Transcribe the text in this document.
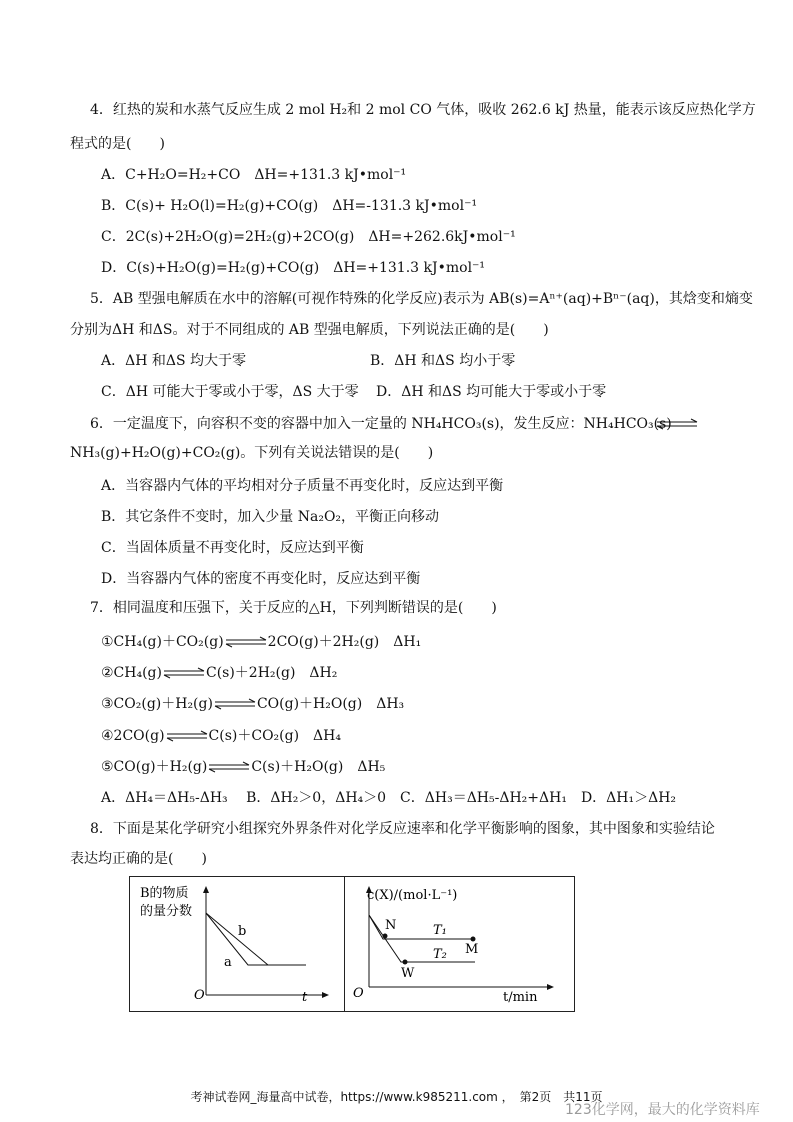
4．红热的炭和水蒸气反应生成 2 mol H₂和 2 mol CO 气体，吸收 262.6 kJ 热量，能表示该反应热化学方
程式的是(　　)
A．C+H₂O=H₂+CO　ΔH=+131.3 kJ•mol⁻¹
B．C(s)+ H₂O(l)=H₂(g)+CO(g)　ΔH=-131.3 kJ•mol⁻¹
C．2C(s)+2H₂O(g)=2H₂(g)+2CO(g)　ΔH=+262.6kJ•mol⁻¹
D．C(s)+H₂O(g)=H₂(g)+CO(g)　ΔH=+131.3 kJ•mol⁻¹
5．AB 型强电解质在水中的溶解(可视作特殊的化学反应)表示为 AB(s)=Aⁿ⁺(aq)+Bⁿ⁻(aq)，其焓变和熵变
分别为ΔH 和ΔS。对于不同组成的 AB 型强电解质，下列说法正确的是(　　)
A．ΔH 和ΔS 均大于零	B．ΔH 和ΔS 均小于零
C．ΔH 可能大于零或小于零，ΔS 大于零 D．ΔH 和ΔS 均可能大于零或小于零
6．一定温度下，向容积不变的容器中加入一定量的 NH₄HCO₃(s)，发生反应：NH₄HCO₃(s)
NH₃(g)+H₂O(g)+CO₂(g)。下列有关说法错误的是(　　)
A．当容器内气体的平均相对分子质量不再变化时，反应达到平衡
B．其它条件不变时，加入少量 Na₂O₂，平衡正向移动
C．当固体质量不再变化时，反应达到平衡
D．当容器内气体的密度不再变化时，反应达到平衡
7．相同温度和压强下，关于反应的△H，下列判断错误的是(　　)
①CH₄(g)＋CO₂(g)⇌2CO(g)＋2H₂(g)　ΔH₁
②CH₄(g)⇌C(s)＋2H₂(g)　ΔH₂
③CO₂(g)＋H₂(g)⇌CO(g)＋H₂O(g)　ΔH₃
④2CO(g)⇌C(s)＋CO₂(g)　ΔH₄
⑤CO(g)＋H₂(g)⇌C(s)＋H₂O(g)　ΔH₅
A．ΔH₄＝ΔH₅-ΔH₃　 B．ΔH₂＞0，ΔH₄＞0　C．ΔH₃＝ΔH₅-ΔH₂+ΔH₁　D．ΔH₁＞ΔH₂
8．下面是某化学研究小组探究外界条件对化学反应速率和化学平衡影响的图象，其中图象和实验结论
表达均正确的是(　　)
B的物质
的量分数
b
a
O	t
c(X)/(mol·L⁻¹)
N	T₁
M
T₂
W
O	t/min
考神试卷网_海量高中试卷，https://www.k985211.com ，　第2页　共11页
123化学网，最大的化学资料库
